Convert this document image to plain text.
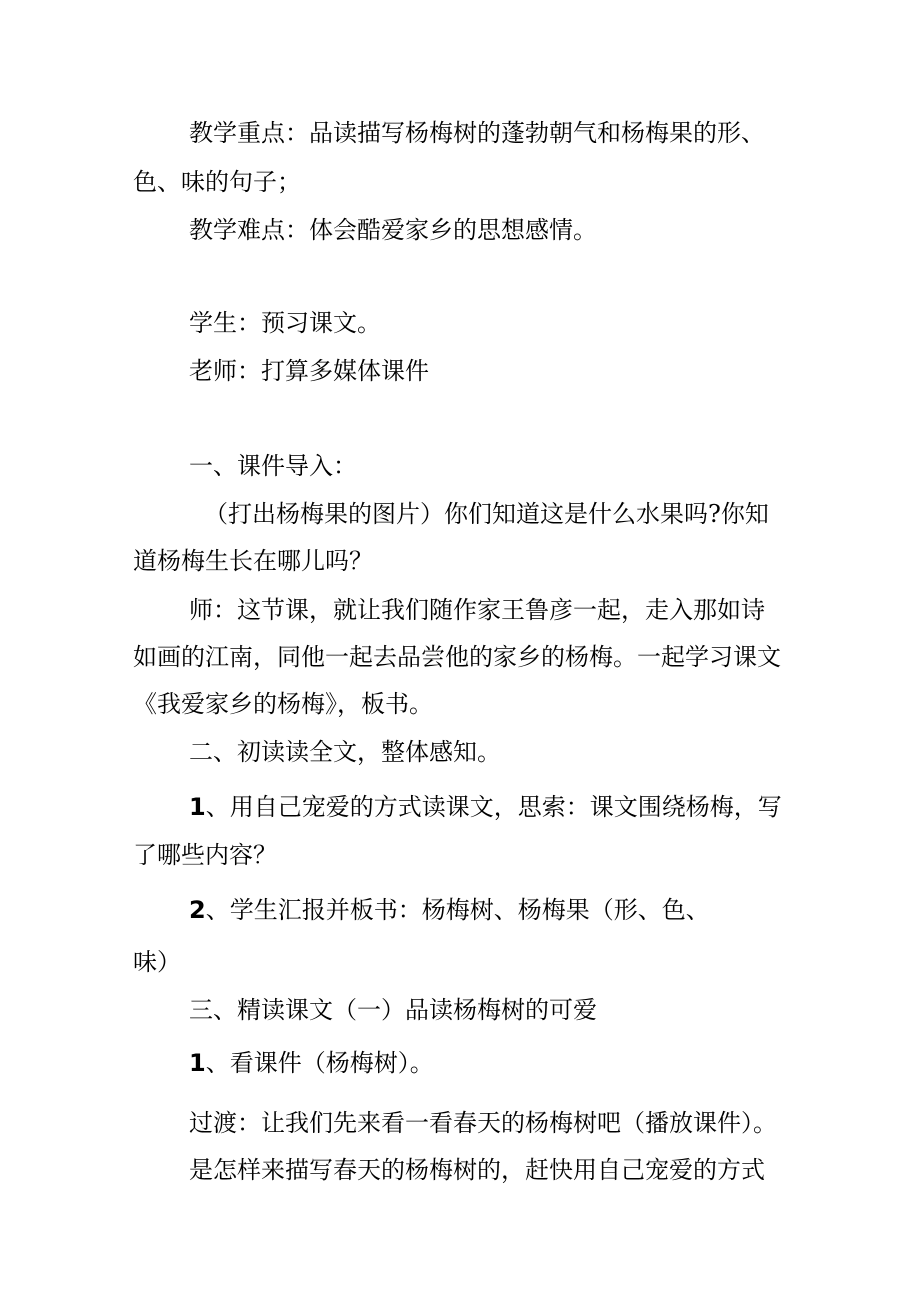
教学重点：品读描写杨梅树的蓬勃朝气和杨梅果的形、
色、味的句子；
教学难点：体会酷爱家乡的思想感情。
学生：预习课文。
老师：打算多媒体课件
一、课件导入：
（打出杨梅果的图片）你们知道这是什么水果吗?你知
道杨梅生长在哪儿吗？
师：这节课，就让我们随作家王鲁彦一起，走入那如诗
如画的江南，同他一起去品尝他的家乡的杨梅。一起学习课文
《我爱家乡的杨梅》，板书。
二、初读读全文，整体感知。
1、用自己宠爱的方式读课文，思索：课文围绕杨梅，写
了哪些内容？
2、学生汇报并板书：杨梅树、杨梅果（形、色、
味）
三、精读课文（一）品读杨梅树的可爱
1、看课件（杨梅树）。
过渡：让我们先来看一看春天的杨梅树吧（播放课件）。
是怎样来描写春天的杨梅树的，赶快用自己宠爱的方式
